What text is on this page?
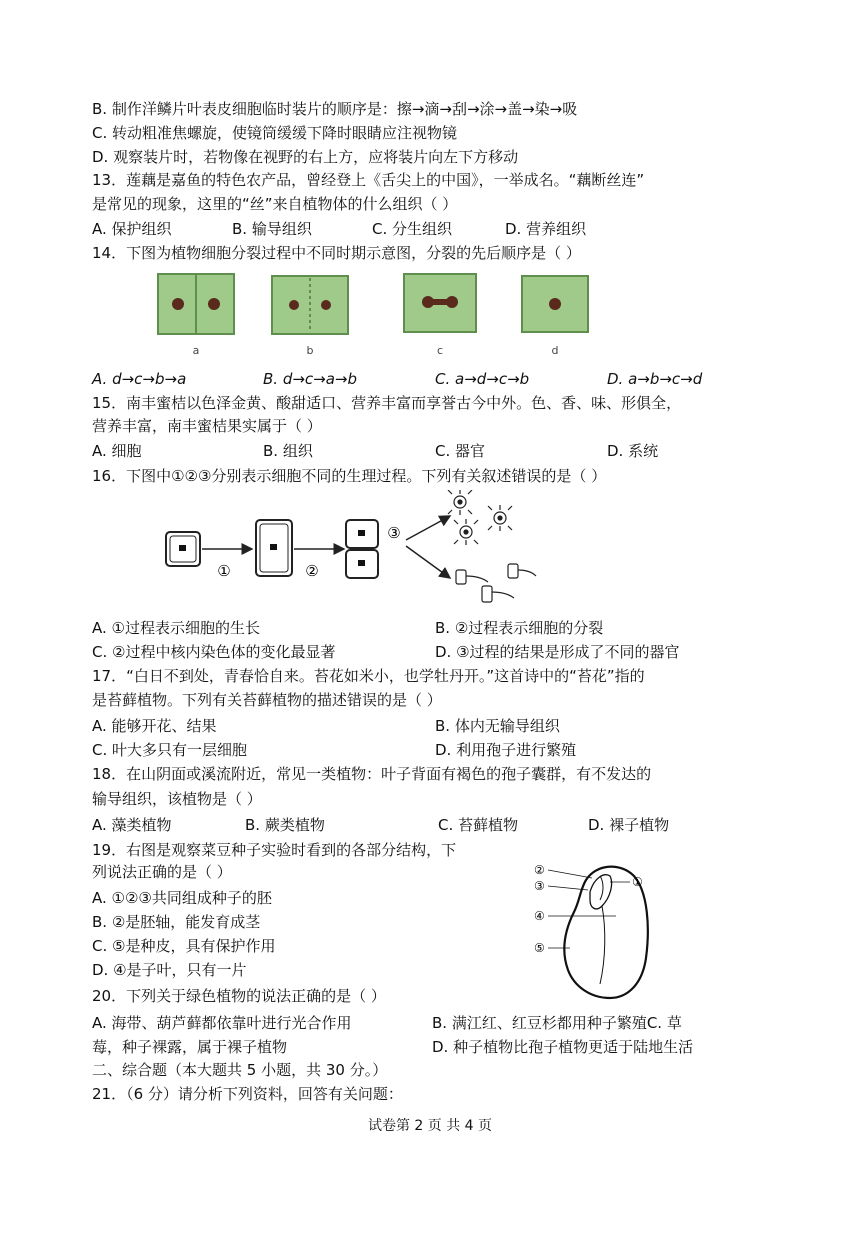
B. 制作洋鳞片叶表皮细胞临时装片的顺序是：擦→滴→刮→涂→盖→染→吸
C. 转动粗准焦螺旋，使镜筒缓缓下降时眼睛应注视物镜
D. 观察装片时，若物像在视野的右上方，应将装片向左下方移动
13．莲藕是嘉鱼的特色农产品，曾经登上《舌尖上的中国》，一举成名。“藕断丝连”
是常见的现象，这里的“丝”来自植物体的什么组织（ ）
A. 保护组织	B. 输导组织	C. 分生组织	D. 营养组织
14．下图为植物细胞分裂过程中不同时期示意图，分裂的先后顺序是（ ）
a	b	c	d
A. d→c→b→a	B. d→c→a→b	C. a→d→c→b	D. a→b→c→d
15．南丰蜜桔以色泽金黄、酸甜适口、营养丰富而享誉古今中外。色、香、味、形俱全，
营养丰富，南丰蜜桔果实属于（ ）
A. 细胞	B. 组织	C. 器官	D. 系统
16．下图中①②③分别表示细胞不同的生理过程。下列有关叙述错误的是（ ）
①	②
③
A. ①过程表示细胞的生长	B. ②过程表示细胞的分裂
C. ②过程中核内染色体的变化最显著	D. ③过程的结果是形成了不同的器官
17．“白日不到处，青春恰自来。苔花如米小，也学牡丹开。”这首诗中的“苔花”指的
是苔藓植物。下列有关苔藓植物的描述错误的是（ ）
A. 能够开花、结果	B. 体内无输导组织
C. 叶大多只有一层细胞	D. 利用孢子进行繁殖
18．在山阴面或溪流附近，常见一类植物：叶子背面有褐色的孢子囊群，有不发达的
输导组织，该植物是（ ）
A. 藻类植物	B. 蕨类植物	C. 苔藓植物	D. 裸子植物
19．右图是观察菜豆种子实验时看到的各部分结构，下
列说法正确的是（ ）
A. ①②③共同组成种子的胚
B. ②是胚轴，能发育成茎
C. ⑤是种皮，具有保护作用
D. ④是子叶，只有一片
②
③	①
④
⑤
20．下列关于绿色植物的说法正确的是（ ）
A. 海带、葫芦藓都依靠叶进行光合作用	B. 满江红、红豆杉都用种子繁殖C. 草
莓，种子裸露，属于裸子植物	D. 种子植物比孢子植物更适于陆地生活
二、综合题（本大题共 5 小题，共 30 分。）
21．（6 分）请分析下列资料，回答有关问题：
试卷第 2 页 共 4 页
